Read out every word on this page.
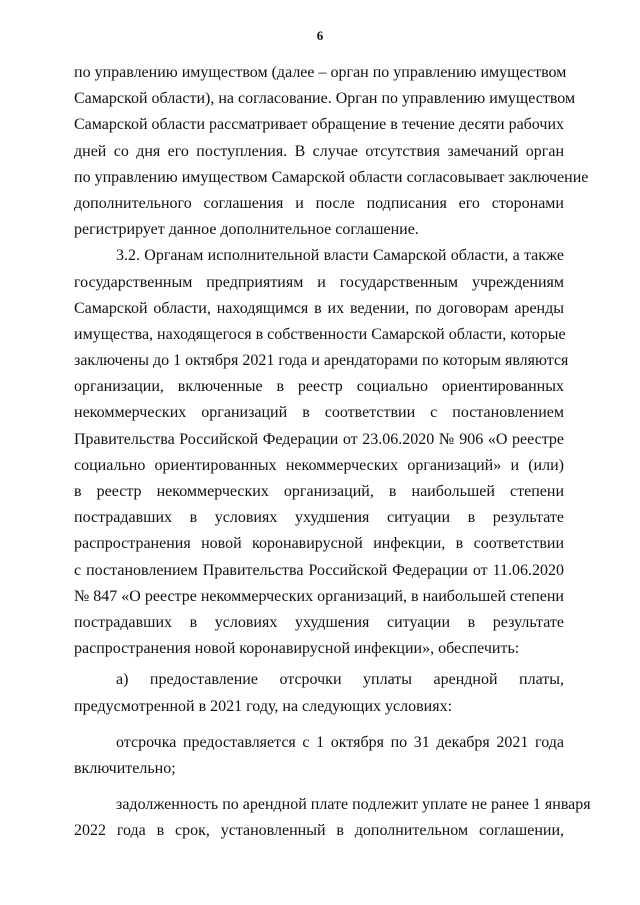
6
по управлению имуществом (далее – орган по управлению имуществом
Самарской области), на согласование. Орган по управлению имуществом
Самарской области рассматривает обращение в течение десяти рабочих
дней со дня его поступления. В случае отсутствия замечаний орган
по управлению имуществом Самарской области согласовывает заключение
дополнительного соглашения и после подписания его сторонами
регистрирует данное дополнительное соглашение.
3.2. Органам исполнительной власти Самарской области, а также
государственным предприятиям и государственным учреждениям
Самарской области, находящимся в их ведении, по договорам аренды
имущества, находящегося в собственности Самарской области, которые
заключены до 1 октября 2021 года и арендаторами по которым являются
организации, включенные в реестр социально ориентированных
некоммерческих организаций в соответствии с постановлением
Правительства Российской Федерации от 23.06.2020 № 906 «О реестре
социально ориентированных некоммерческих организаций» и (или)
в реестр некоммерческих организаций, в наибольшей степени
пострадавших в условиях ухудшения ситуации в результате
распространения новой коронавирусной инфекции, в соответствии
с постановлением Правительства Российской Федерации от 11.06.2020
№ 847 «О реестре некоммерческих организаций, в наибольшей степени
пострадавших в условиях ухудшения ситуации в результате
распространения новой коронавирусной инфекции», обеспечить:
а) предоставление отсрочки уплаты арендной платы,
предусмотренной в 2021 году, на следующих условиях:
отсрочка предоставляется с 1 октября по 31 декабря 2021 года
включительно;
задолженность по арендной плате подлежит уплате не ранее 1 января
2022 года в срок, установленный в дополнительном соглашении,
